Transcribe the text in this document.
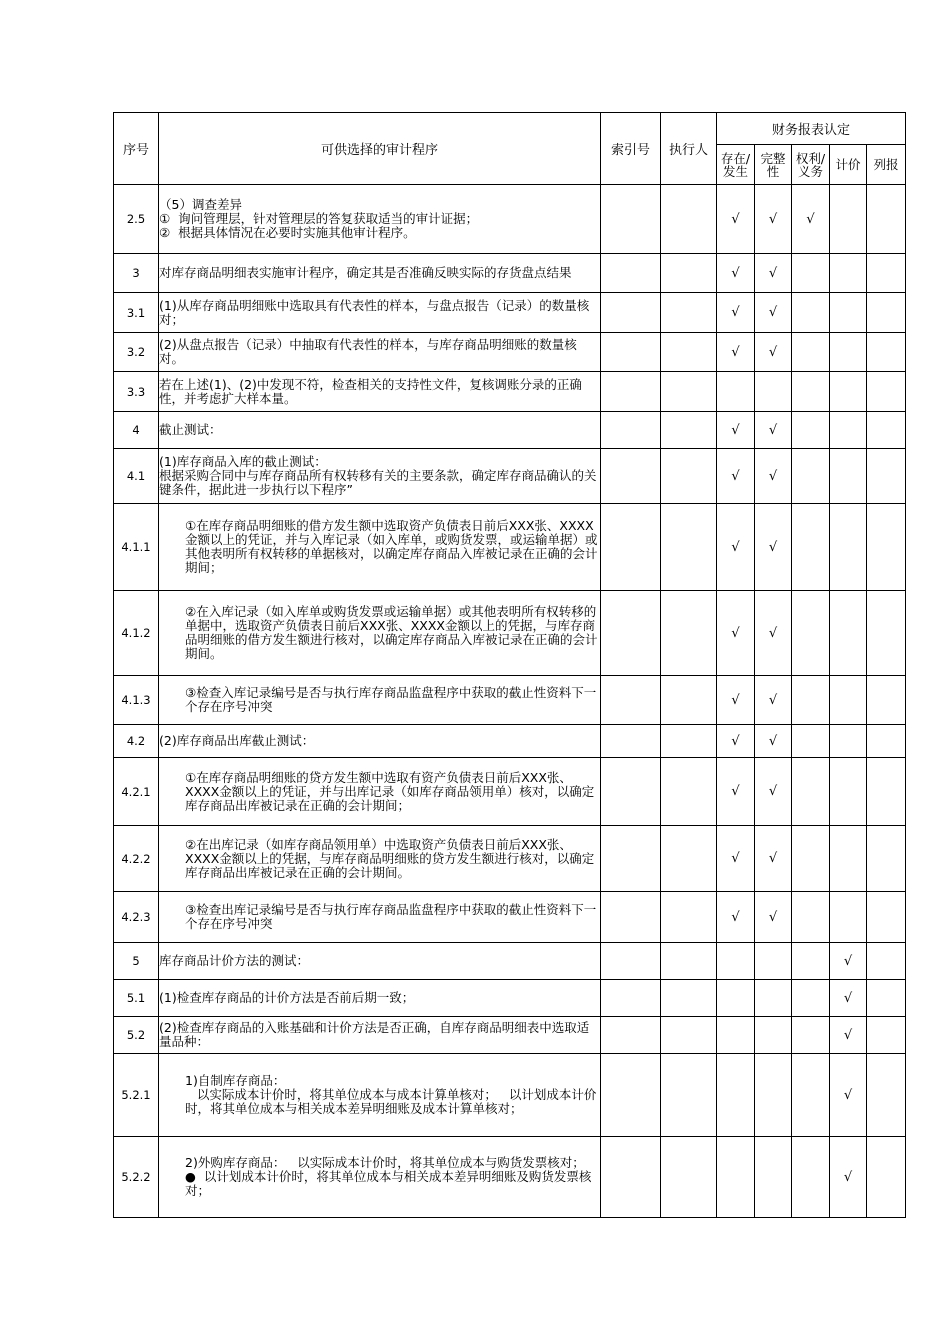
序号	可供选择的审计程序	索引号	执行人	财务报表认定				

存在/发生	完整性	权利/义务	计价	列报

2.5	（5）调查差异
①  询问管理层，针对管理层的答复获取适当的审计证据；
②  根据具体情况在必要时实施其他审计程序。			√	√	√		
3	对库存商品明细表实施审计程序，确定其是否准确反映实际的存货盘点结果			√	√			
3.1	(1)从库存商品明细账中选取具有代表性的样本，与盘点报告（记录）的数量核对；			√	√			
3.2	(2)从盘点报告（记录）中抽取有代表性的样本，与库存商品明细账的数量核对。			√	√			
3.3	若在上述(1)、(2)中发现不符，检查相关的支持性文件，复核调账分录的正确性，并考虑扩大样本量。							
4	截止测试：			√	√			
4.1	(1)库存商品入库的截止测试：
根据采购合同中与库存商品所有权转移有关的主要条款，确定库存商品确认的关键条件，据此进一步执行以下程序”			√	√			
4.1.1	①在库存商品明细账的借方发生额中选取资产负债表日前后XXX张、XXXX金额以上的凭证，并与入库记录（如入库单，或购货发票，或运输单据）或其他表明所有权转移的单据核对，以确定库存商品入库被记录在正确的会计期间；			√	√			
4.1.2	②在入库记录（如入库单或购货发票或运输单据）或其他表明所有权转移的单据中，选取资产负债表日前后XXX张、XXXX金额以上的凭据，与库存商品明细账的借方发生额进行核对，以确定库存商品入库被记录在正确的会计期间。			√	√			
4.1.3	③检查入库记录编号是否与执行库存商品监盘程序中获取的截止性资料下一个存在序号冲突			√	√			
4.2	(2)库存商品出库截止测试：			√	√			
4.2.1	①在库存商品明细账的贷方发生额中选取有资产负债表日前后XXX张、XXXX金额以上的凭证，并与出库记录（如库存商品领用单）核对，以确定库存商品出库被记录在正确的会计期间；			√	√			
4.2.2	②在出库记录（如库存商品领用单）中选取资产负债表日前后XXX张、XXXX金额以上的凭据，与库存商品明细账的贷方发生额进行核对，以确定库存商品出库被记录在正确的会计期间。			√	√			
4.2.3	③检查出库记录编号是否与执行库存商品监盘程序中获取的截止性资料下一个存在序号冲突			√	√			
5	库存商品计价方法的测试：						√	
5.1	(1)检查库存商品的计价方法是否前后期一致；						√	
5.2	(2)检查库存商品的入账基础和计价方法是否正确，自库存商品明细表中选取适量品种：						√	
5.2.1	1)自制库存商品：
以实际成本计价时，将其单位成本与成本计算单核对；   以计划成本计价时，将其单位成本与相关成本差异明细账及成本计算单核对；						√	
5.2.2	2)外购库存商品：   以实际成本计价时，将其单位成本与购货发票核对；  ●  以计划成本计价时，将其单位成本与相关成本差异明细账及购货发票核对；						√	
